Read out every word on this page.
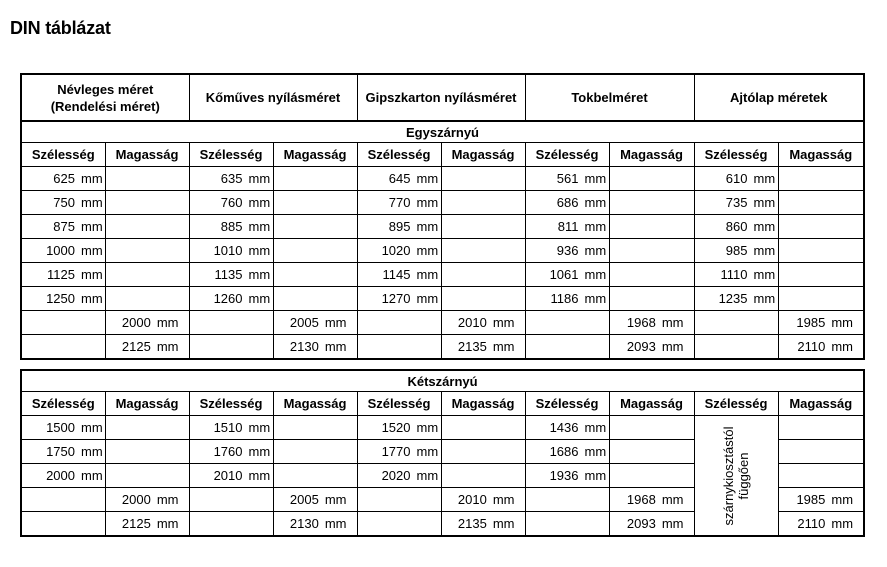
DIN táblázat
Névleges méret
(Rendelési méret)		Kőműves nyílásméret		Gipszkarton nyílásméret		Tokbelméret		Ajtólap méretek	
Egyszárnyú									
Szélesség	Magasság	Szélesség	Magasság	Szélesség	Magasság	Szélesség	Magasság	Szélesség	Magasság
625 mm		635 mm		645 mm		561 mm		610 mm	
750 mm		760 mm		770 mm		686 mm		735 mm	
875 mm		885 mm		895 mm		811 mm		860 mm	
1000 mm		1010 mm		1020 mm		936 mm		985 mm	
1125 mm		1135 mm		1145 mm		1061 mm		1110 mm	
1250 mm		1260 mm		1270 mm		1186 mm		1235 mm	
	2000 mm		2005 mm		2010 mm		1968 mm		1985 mm
	2125 mm		2130 mm		2135 mm		2093 mm		2110 mm
Kétszárnyú									
Szélesség	Magasság	Szélesség	Magasság	Szélesség	Magasság	Szélesség	Magasság	Szélesség	Magasság
1500 mm		1510 mm		1520 mm		1436 mm		szárnykiosztástól
függően	

1750 mm		1760 mm		1770 mm		1686 mm			
2000 mm		2010 mm		2020 mm		1936 mm			
	2000 mm		2005 mm		2010 mm		1968 mm		1985 mm
	2125 mm		2130 mm		2135 mm		2093 mm		2110 mm
